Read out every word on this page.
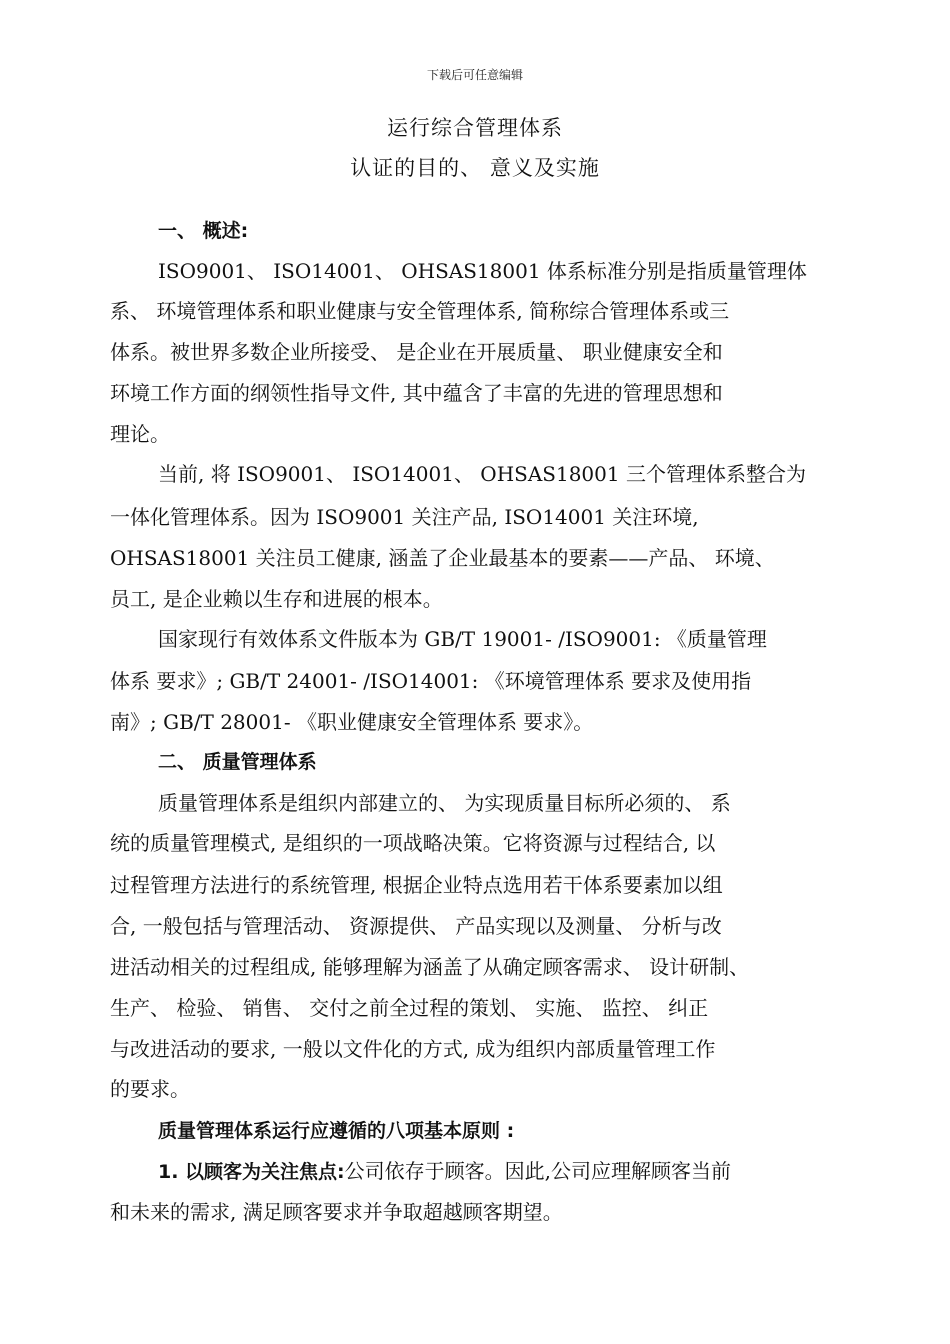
下载后可任意编辑
运行综合管理体系
认证的目的、 意义及实施
一、 概述:
ISO9001、 ISO14001、 OHSAS18001 体系标准分别是指质量管理体
系、 环境管理体系和职业健康与安全管理体系, 简称综合管理体系或三
体系。被世界多数企业所接受、 是企业在开展质量、 职业健康安全和
环境工作方面的纲领性指导文件, 其中蕴含了丰富的先进的管理思想和
理论。
当前, 将 ISO9001、 ISO14001、 OHSAS18001 三个管理体系整合为
一体化管理体系。因为 ISO9001 关注产品, ISO14001 关注环境,
OHSAS18001 关注员工健康, 涵盖了企业最基本的要素——产品、 环境、
员工, 是企业赖以生存和进展的根本。
国家现行有效体系文件版本为 GB/T 19001- /ISO9001: 《质量管理
体系 要求》; GB/T 24001- /ISO14001: 《环境管理体系 要求及使用指
南》; GB/T 28001- 《职业健康安全管理体系 要求》。
二、 质量管理体系
质量管理体系是组织内部建立的、 为实现质量目标所必须的、 系
统的质量管理模式, 是组织的一项战略决策。它将资源与过程结合, 以
过程管理方法进行的系统管理, 根据企业特点选用若干体系要素加以组
合, 一般包括与管理活动、 资源提供、 产品实现以及测量、 分析与改
进活动相关的过程组成, 能够理解为涵盖了从确定顾客需求、 设计研制、
生产、 检验、 销售、 交付之前全过程的策划、 实施、 监控、 纠正
与改进活动的要求, 一般以文件化的方式, 成为组织内部质量管理工作
的要求。
质量管理体系运行应遵循的八项基本原则 :
1. 以顾客为关注焦点:公司依存于顾客。因此,公司应理解顾客当前
和未来的需求, 满足顾客要求并争取超越顾客期望。
